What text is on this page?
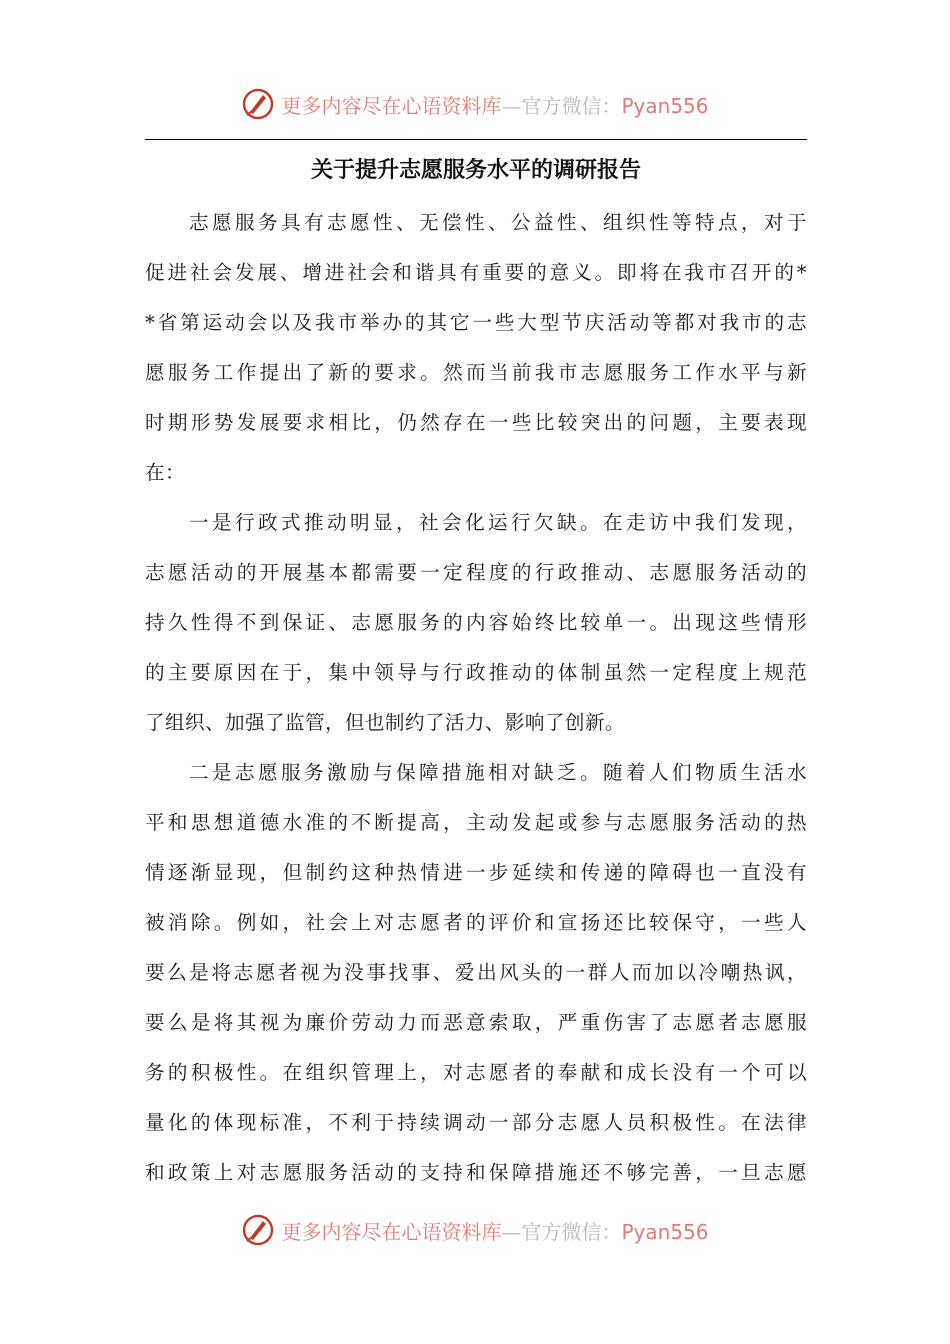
更多内容尽在心语资料库—官方微信：Pyan556
关于提升志愿服务水平的调研报告
志愿服务具有志愿性、无偿性、公益性、组织性等特点，对于
促进社会发展、增进社会和谐具有重要的意义。即将在我市召开的*
*省第运动会以及我市举办的其它一些大型节庆活动等都对我市的志
愿服务工作提出了新的要求。然而当前我市志愿服务工作水平与新
时期形势发展要求相比，仍然存在一些比较突出的问题，主要表现
在：
一是行政式推动明显，社会化运行欠缺。在走访中我们发现，
志愿活动的开展基本都需要一定程度的行政推动、志愿服务活动的
持久性得不到保证、志愿服务的内容始终比较单一。出现这些情形
的主要原因在于，集中领导与行政推动的体制虽然一定程度上规范
了组织、加强了监管，但也制约了活力、影响了创新。
二是志愿服务激励与保障措施相对缺乏。随着人们物质生活水
平和思想道德水准的不断提高，主动发起或参与志愿服务活动的热
情逐渐显现，但制约这种热情进一步延续和传递的障碍也一直没有
被消除。例如，社会上对志愿者的评价和宣扬还比较保守，一些人
要么是将志愿者视为没事找事、爱出风头的一群人而加以冷嘲热讽，
要么是将其视为廉价劳动力而恶意索取，严重伤害了志愿者志愿服
务的积极性。在组织管理上，对志愿者的奉献和成长没有一个可以
量化的体现标准，不利于持续调动一部分志愿人员积极性。在法律
和政策上对志愿服务活动的支持和保障措施还不够完善，一旦志愿
更多内容尽在心语资料库—官方微信：Pyan556
